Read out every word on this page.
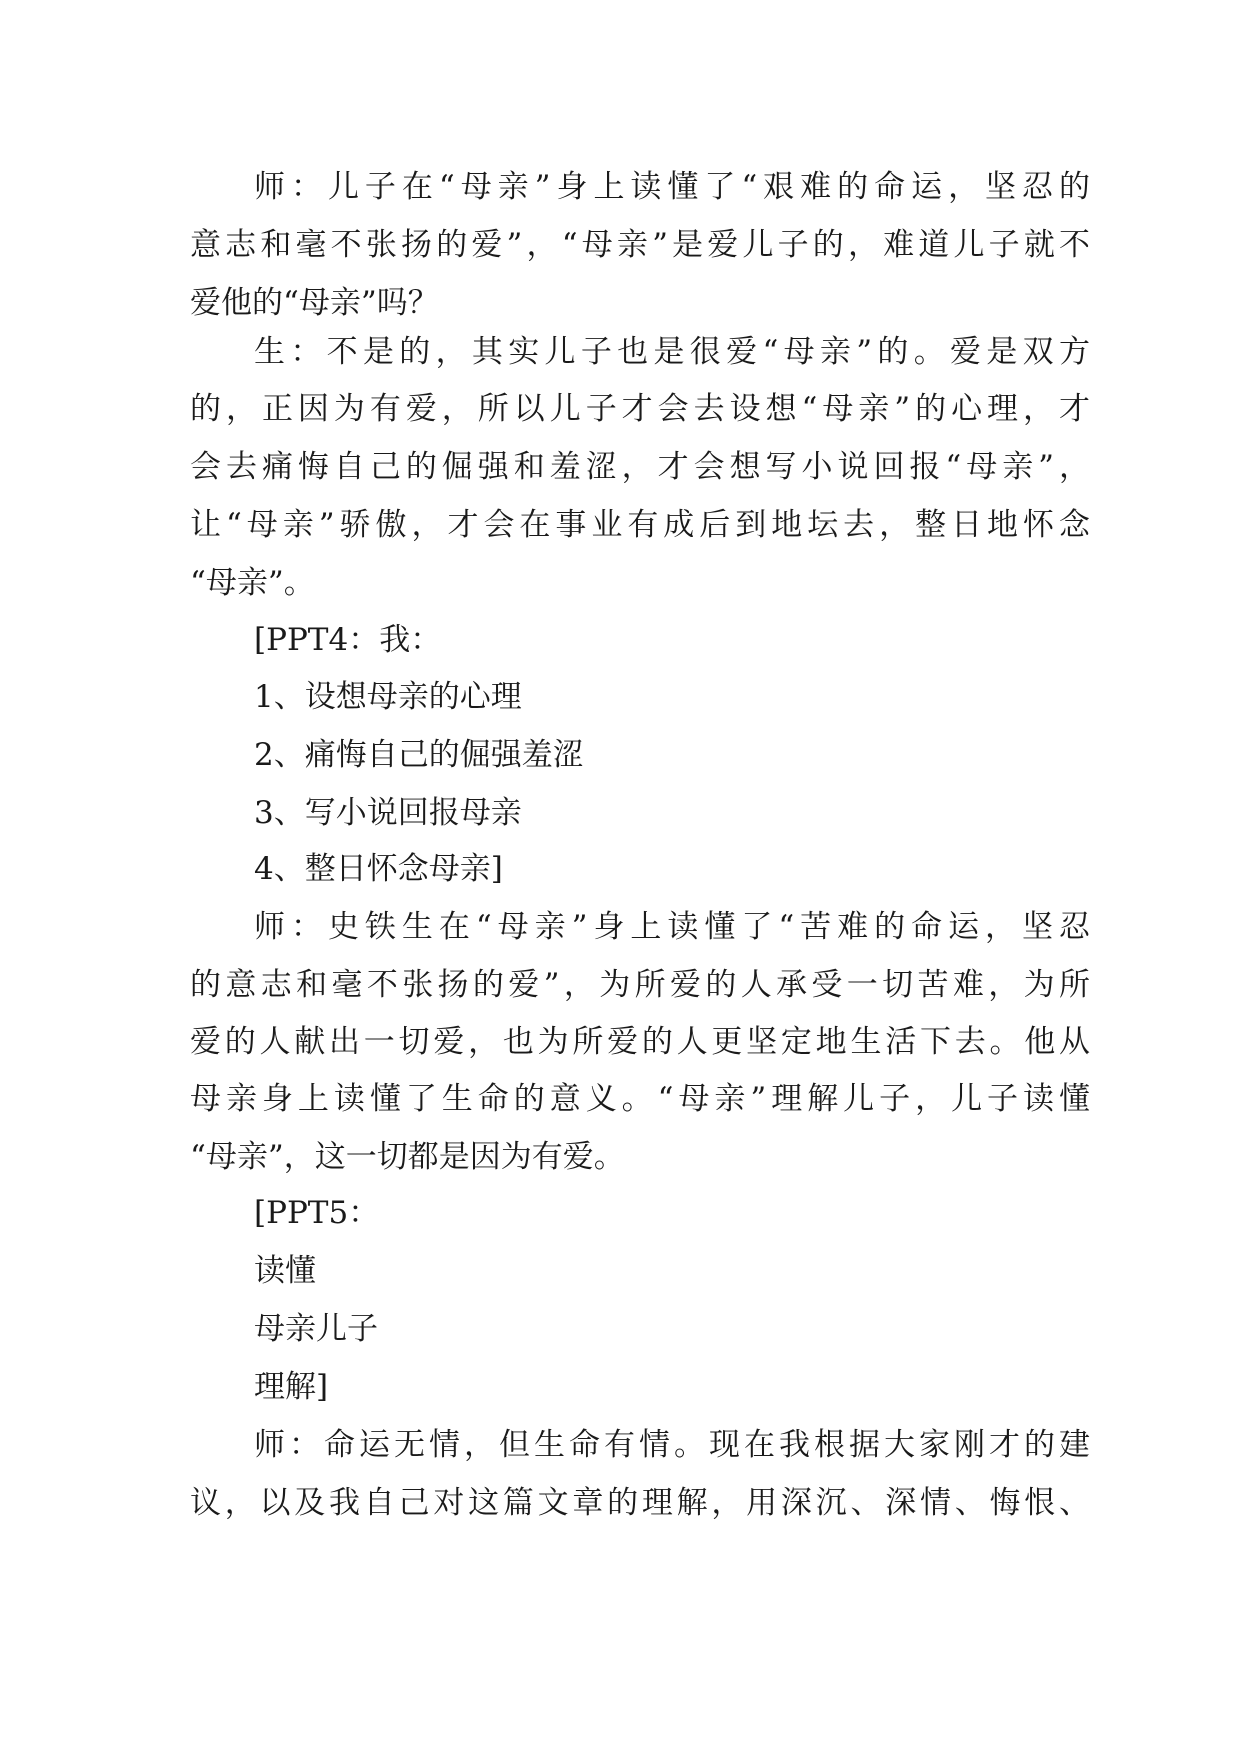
师：儿子在“母亲”身上读懂了“艰难的命运，坚忍的
意志和毫不张扬的爱”，“母亲”是爱儿子的，难道儿子就不
爱他的“母亲”吗？
生：不是的，其实儿子也是很爱“母亲”的。爱是双方
的，正因为有爱，所以儿子才会去设想“母亲”的心理，才
会去痛悔自己的倔强和羞涩，才会想写小说回报“母亲”，
让“母亲”骄傲，才会在事业有成后到地坛去，整日地怀念
“母亲”。
[PPT4：我：
1、设想母亲的心理
2、痛悔自己的倔强羞涩
3、写小说回报母亲
4、整日怀念母亲]
师：史铁生在“母亲”身上读懂了“苦难的命运，坚忍
的意志和毫不张扬的爱”，为所爱的人承受一切苦难，为所
爱的人献出一切爱，也为所爱的人更坚定地生活下去。他从
母亲身上读懂了生命的意义。“母亲”理解儿子，儿子读懂
“母亲”，这一切都是因为有爱。
[PPT5：
读懂
母亲儿子
理解]
师：命运无情，但生命有情。现在我根据大家刚才的建
议，以及我自己对这篇文章的理解，用深沉、深情、悔恨、
